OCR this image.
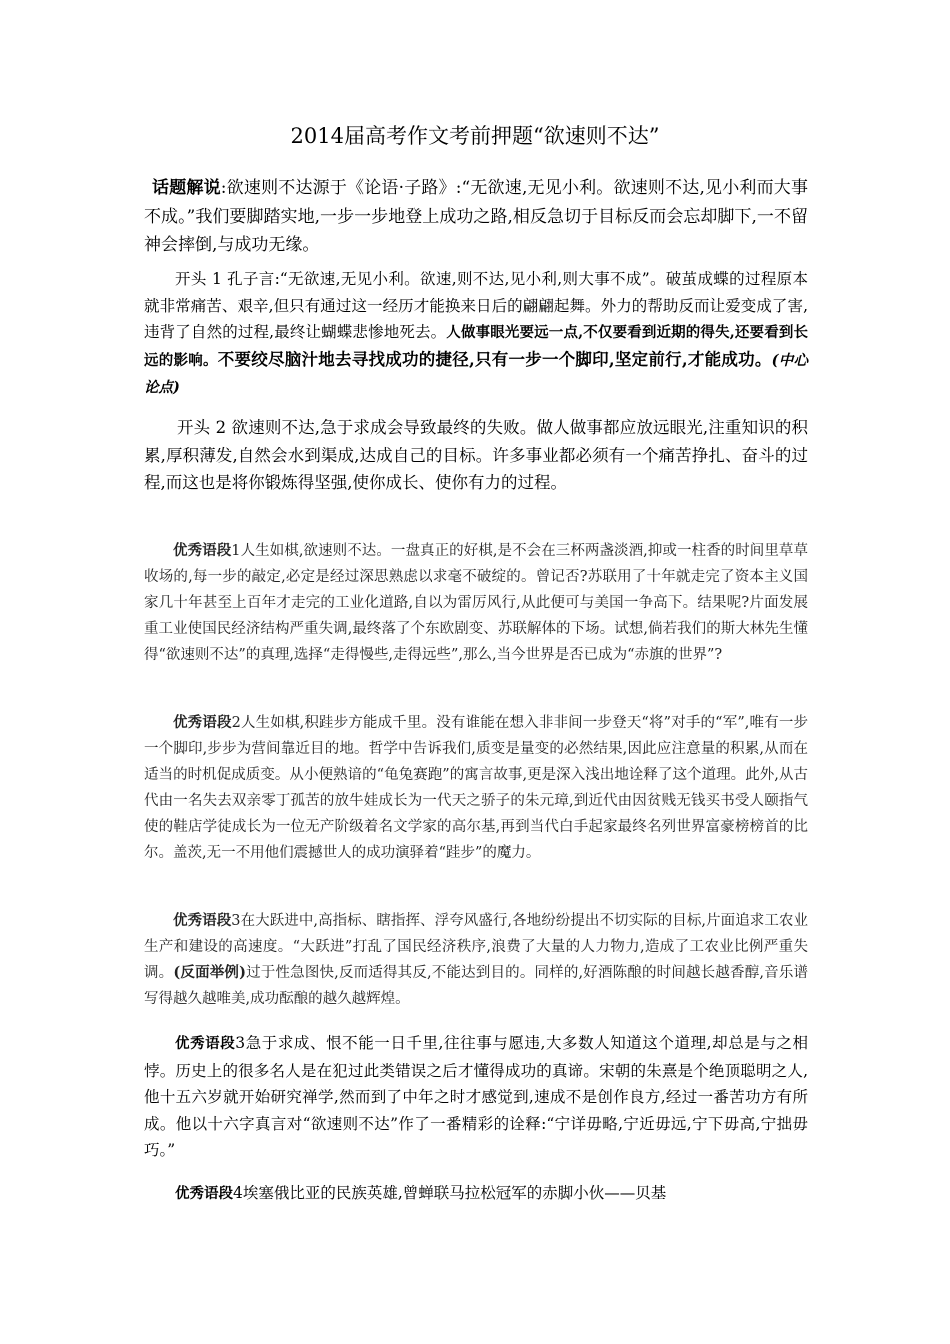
2014届高考作文考前押题“欲速则不达”
话题解说:欲速则不达源于《论语·子路》:“无欲速,无见小利。欲速则不达,见小利而大事不成。”我们要脚踏实地,一步一步地登上成功之路,相反急切于目标反而会忘却脚下,一不留神会摔倒,与成功无缘。
开头 1 孔子言:“无欲速,无见小利。欲速,则不达,见小利,则大事不成”。破茧成蝶的过程原本就非常痛苦、艰辛,但只有通过这一经历才能换来日后的翩翩起舞。外力的帮助反而让爱变成了害,违背了自然的过程,最终让蝴蝶悲惨地死去。人做事眼光要远一点,不仅要看到近期的得失,还要看到长远的影响。不要绞尽脑汁地去寻找成功的捷径,只有一步一个脚印,坚定前行,才能成功。(中心论点)
开头 2 欲速则不达,急于求成会导致最终的失败。做人做事都应放远眼光,注重知识的积累,厚积薄发,自然会水到渠成,达成自己的目标。许多事业都必须有一个痛苦挣扎、奋斗的过程,而这也是将你锻炼得坚强,使你成长、使你有力的过程。
优秀语段1人生如棋,欲速则不达。一盘真正的好棋,是不会在三杯两盏淡酒,抑或一柱香的时间里草草收场的,每一步的敲定,必定是经过深思熟虑以求毫不破绽的。曾记否?苏联用了十年就走完了资本主义国家几十年甚至上百年才走完的工业化道路,自以为雷厉风行,从此便可与美国一争高下。结果呢?片面发展重工业使国民经济结构严重失调,最终落了个东欧剧变、苏联解体的下场。试想,倘若我们的斯大林先生懂得“欲速则不达”的真理,选择“走得慢些,走得远些”,那么,当今世界是否已成为“赤旗的世界”?
优秀语段2人生如棋,积跬步方能成千里。没有谁能在想入非非间一步登天“将”对手的“军”,唯有一步一个脚印,步步为营间靠近目的地。哲学中告诉我们,质变是量变的必然结果,因此应注意量的积累,从而在适当的时机促成质变。从小便熟谙的“龟兔赛跑”的寓言故事,更是深入浅出地诠释了这个道理。此外,从古代由一名失去双亲零丁孤苦的放牛娃成长为一代天之骄子的朱元璋,到近代由因贫贱无钱买书受人颐指气使的鞋店学徒成长为一位无产阶级着名文学家的高尔基,再到当代白手起家最终名列世界富豪榜榜首的比尔。盖茨,无一不用他们震撼世人的成功演驿着“跬步”的魔力。
优秀语段3在大跃进中,高指标、瞎指挥、浮夸风盛行,各地纷纷提出不切实际的目标,片面追求工农业生产和建设的高速度。“大跃进”打乱了国民经济秩序,浪费了大量的人力物力,造成了工农业比例严重失调。(反面举例)过于性急图快,反而适得其反,不能达到目的。同样的,好酒陈酿的时间越长越香醇,音乐谱写得越久越唯美,成功酝酿的越久越辉煌。
优秀语段3急于求成、恨不能一日千里,往往事与愿违,大多数人知道这个道理,却总是与之相悖。历史上的很多名人是在犯过此类错误之后才懂得成功的真谛。宋朝的朱熹是个绝顶聪明之人,他十五六岁就开始研究禅学,然而到了中年之时才感觉到,速成不是创作良方,经过一番苦功方有所成。他以十六字真言对“欲速则不达”作了一番精彩的诠释:“宁详毋略,宁近毋远,宁下毋高,宁拙毋巧。”
优秀语段4埃塞俄比亚的民族英雄,曾蝉联马拉松冠军的赤脚小伙——贝基
